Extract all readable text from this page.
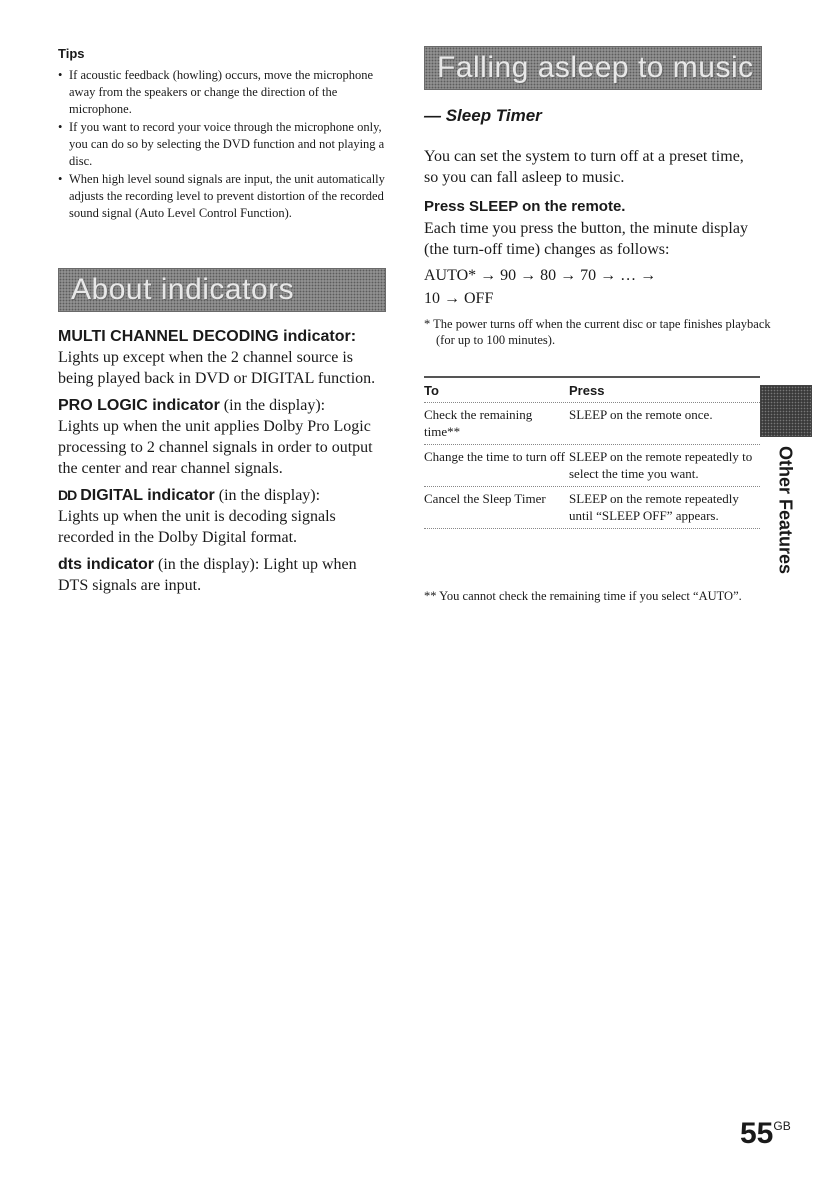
Tips
• If acoustic feedback (howling) occurs, move the microphone away from the speakers or change the direction of the microphone.
• If you want to record your voice through the microphone only, you can do so by selecting the DVD function and not playing a disc.
• When high level sound signals are input, the unit automatically adjusts the recording level to prevent distortion of the recorded sound signal (Auto Level Control Function).
About indicators
MULTI CHANNEL DECODING indicator:
Lights up except when the 2 channel source is being played back in DVD or DIGITAL function.
PRO LOGIC indicator (in the display):
Lights up when the unit applies Dolby Pro Logic processing to 2 channel signals in order to output the center and rear channel signals.
DD DIGITAL indicator (in the display):
Lights up when the unit is decoding signals recorded in the Dolby Digital format.
dts indicator (in the display): Light up when DTS signals are input.
Falling asleep to music
— Sleep Timer
You can set the system to turn off at a preset time, so you can fall asleep to music.
Press SLEEP on the remote.
Each time you press the button, the minute display (the turn-off time) changes as follows:
AUTO* → 90 → 80 → 70 → … →
10 → OFF
* The power turns off when the current disc or tape finishes playback (for up to 100 minutes).
To	Press
Check the remaining time**
SLEEP on the remote once.
Change the time to turn off SLEEP on the remote repeatedly to select the time you want.
Cancel the Sleep Timer	SLEEP on the remote repeatedly until “SLEEP OFF” appears.
** You cannot check the remaining time if you select “AUTO”.
Other Features
$55^{GB}$
